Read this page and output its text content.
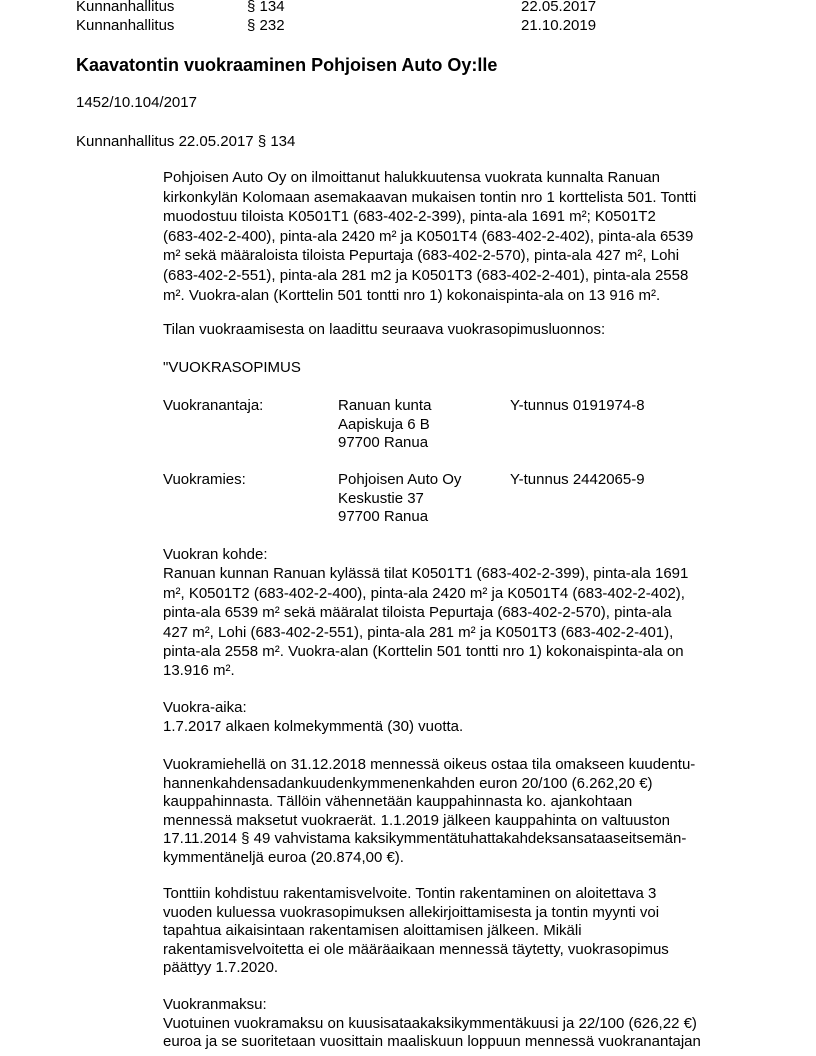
Kunnanhallitus
Kunnanhallitus
§ 134
§ 232
22.05.2017
21.10.2019
Kaavatontin vuokraaminen Pohjoisen Auto Oy:lle
1452/10.104/2017
Kunnanhallitus 22.05.2017 § 134
Pohjoisen Auto Oy on ilmoittanut halukkuutensa vuokrata kunnalta Ranuan
kirkonkylän Kolomaan asemakaavan mukaisen tontin nro 1 korttelista 501. Tontti
muodostuu tiloista K0501T1 (683-402-2-399), pinta-ala 1691 m²; K0501T2
(683-402-2-400), pinta-ala 2420 m² ja K0501T4 (683-402-2-402), pinta-ala 6539
m² sekä määraloista tiloista Pepurtaja (683-402-2-570), pinta-ala 427 m², Lohi
(683-402-2-551), pinta-ala 281 m2 ja K0501T3 (683-402-2-401), pinta-ala 2558
m². Vuokra-alan (Korttelin 501 tontti nro 1) kokonaispinta-ala on 13 916 m².
Tilan vuokraamisesta on laadittu seuraava vuokrasopimusluonnos:
"VUOKRASOPIMUS
Vuokranantaja:	Ranuan kunta
Aapiskuja 6 B
97700 Ranua
Y-tunnus 0191974-8
Vuokramies:	Pohjoisen Auto Oy
Keskustie 37
97700 Ranua
Y-tunnus 2442065-9
Vuokran kohde:
Ranuan kunnan Ranuan kylässä tilat K0501T1 (683-402-2-399), pinta-ala 1691
m², K0501T2 (683-402-2-400), pinta-ala 2420 m² ja K0501T4 (683-402-2-402),
pinta-ala 6539 m² sekä määralat tiloista Pepurtaja (683-402-2-570), pinta-ala
427 m², Lohi (683-402-2-551), pinta-ala 281 m² ja K0501T3 (683-402-2-401),
pinta-ala 2558 m². Vuokra-alan (Korttelin 501 tontti nro 1) kokonaispinta-ala on
13.916 m².
Vuokra-aika:
1.7.2017 alkaen kolmekymmentä (30) vuotta.
Vuokramiehellä on 31.12.2018 mennessä oikeus ostaa tila omakseen kuudentu-
hannenkahdensadankuudenkymmenenkahden euron 20/100 (6.262,20 €)
kauppahinnasta. Tällöin vähennetään kauppahinnasta ko. ajankohtaan
mennessä maksetut vuokraerät. 1.1.2019 jälkeen kauppahinta on valtuuston
17.11.2014 § 49 vahvistama kaksikymmentätuhattakahdeksansataaseitsemän-
kymmentäneljä euroa (20.874,00 €).
Tonttiin kohdistuu rakentamisvelvoite. Tontin rakentaminen on aloitettava 3
vuoden kuluessa vuokrasopimuksen allekirjoittamisesta ja tontin myynti voi
tapahtua aikaisintaan rakentamisen aloittamisen jälkeen. Mikäli
rakentamisvelvoitetta ei ole määräaikaan mennessä täytetty, vuokrasopimus
päättyy 1.7.2020.
Vuokranmaksu:
Vuotuinen vuokramaksu on kuusisataakaksikymmentäkuusi ja 22/100 (626,22 €)
euroa ja se suoritetaan vuosittain maaliskuun loppuun mennessä vuokranantajan
